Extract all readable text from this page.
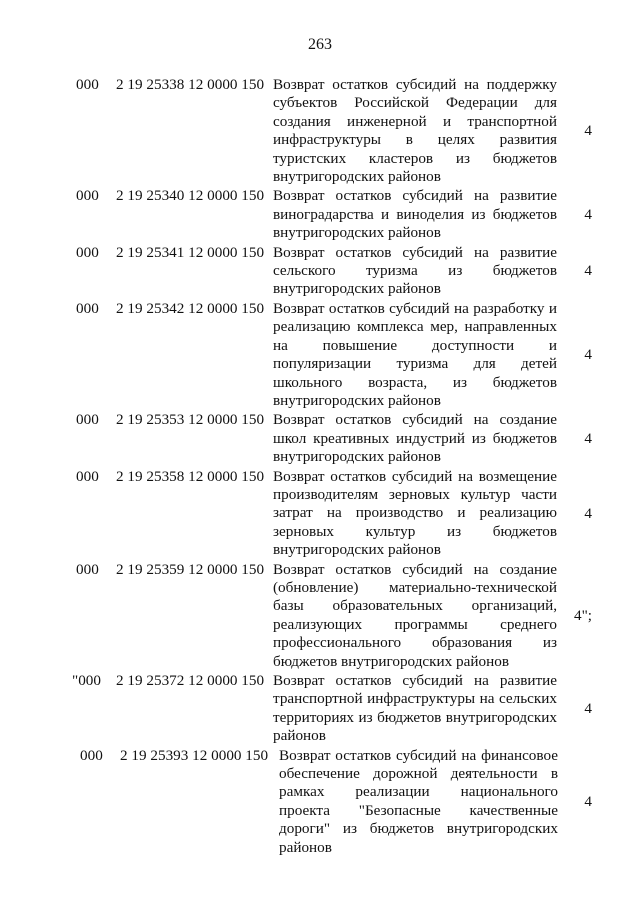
263
000 2 19 25338 12 0000 150 Возврат остатков субсидий на поддержку субъектов Российской Федерации для создания инженерной и транспортной инфраструктуры в целях развития туристских кластеров из бюджетов внутригородских районов
4
000 2 19 25340 12 0000 150 Возврат остатков субсидий на развитие виноградарства и виноделия из бюджетов внутригородских районов
4
000 2 19 25341 12 0000 150 Возврат остатков субсидий на развитие сельского туризма из бюджетов внутригородских районов
4
000 2 19 25342 12 0000 150 Возврат остатков субсидий на разработку и реализацию комплекса мер, направленных на повышение доступности и популяризации туризма для детей школьного возраста, из бюджетов внутригородских районов
4
000 2 19 25353 12 0000 150 Возврат остатков субсидий на создание школ креативных индустрий из бюджетов внутригородских районов
4
000 2 19 25358 12 0000 150 Возврат остатков субсидий на возмещение производителям зерновых культур части затрат на производство и реализацию зерновых культур из бюджетов внутригородских районов
4
000 2 19 25359 12 0000 150 Возврат остатков субсидий на создание (обновление) материально-технической базы образовательных организаций, реализующих программы среднего профессионального образования из бюджетов внутригородских районов
4";
"000 2 19 25372 12 0000 150 Возврат остатков субсидий на развитие транспортной инфраструктуры на сельских территориях из бюджетов внутригородских районов
4
000 2 19 25393 12 0000 150 Возврат остатков субсидий на финансовое обеспечение дорожной деятельности в рамках реализации национального проекта "Безопасные качественные дороги" из бюджетов внутригородских районов
4
